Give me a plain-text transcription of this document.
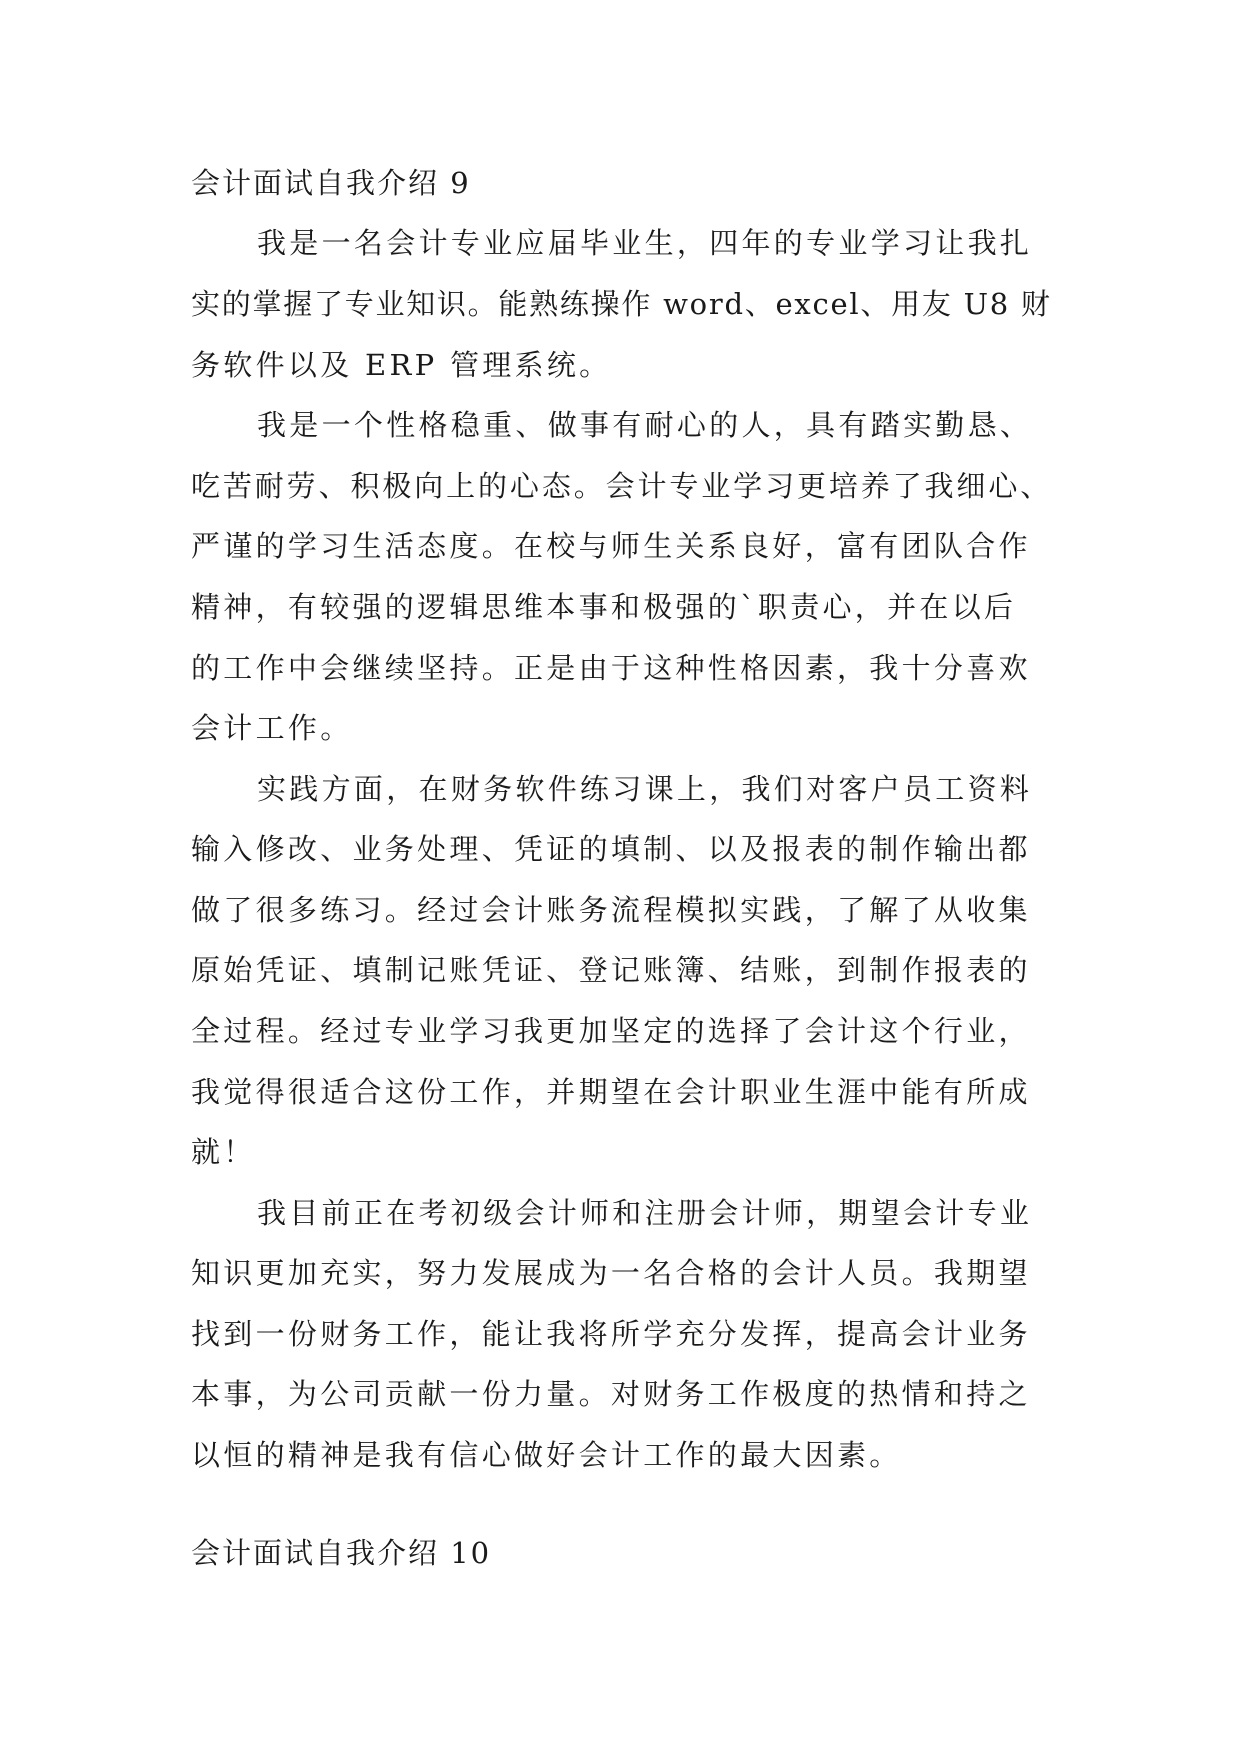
会计面试自我介绍 9
我是一名会计专业应届毕业生，四年的专业学习让我扎
实的掌握了专业知识。能熟练操作 word、excel、用友 U8 财
务软件以及 ERP 管理系统。
我是一个性格稳重、做事有耐心的人，具有踏实勤恳、
吃苦耐劳、积极向上的心态。会计专业学习更培养了我细心、
严谨的学习生活态度。在校与师生关系良好，富有团队合作
精神，有较强的逻辑思维本事和极强的`职责心，并在以后
的工作中会继续坚持。正是由于这种性格因素，我十分喜欢
会计工作。
实践方面，在财务软件练习课上，我们对客户员工资料
输入修改、业务处理、凭证的填制、以及报表的制作输出都
做了很多练习。经过会计账务流程模拟实践，了解了从收集
原始凭证、填制记账凭证、登记账簿、结账，到制作报表的
全过程。经过专业学习我更加坚定的选择了会计这个行业，
我觉得很适合这份工作，并期望在会计职业生涯中能有所成
就！
我目前正在考初级会计师和注册会计师，期望会计专业
知识更加充实，努力发展成为一名合格的会计人员。我期望
找到一份财务工作，能让我将所学充分发挥，提高会计业务
本事，为公司贡献一份力量。对财务工作极度的热情和持之
以恒的精神是我有信心做好会计工作的最大因素。
会计面试自我介绍 10
